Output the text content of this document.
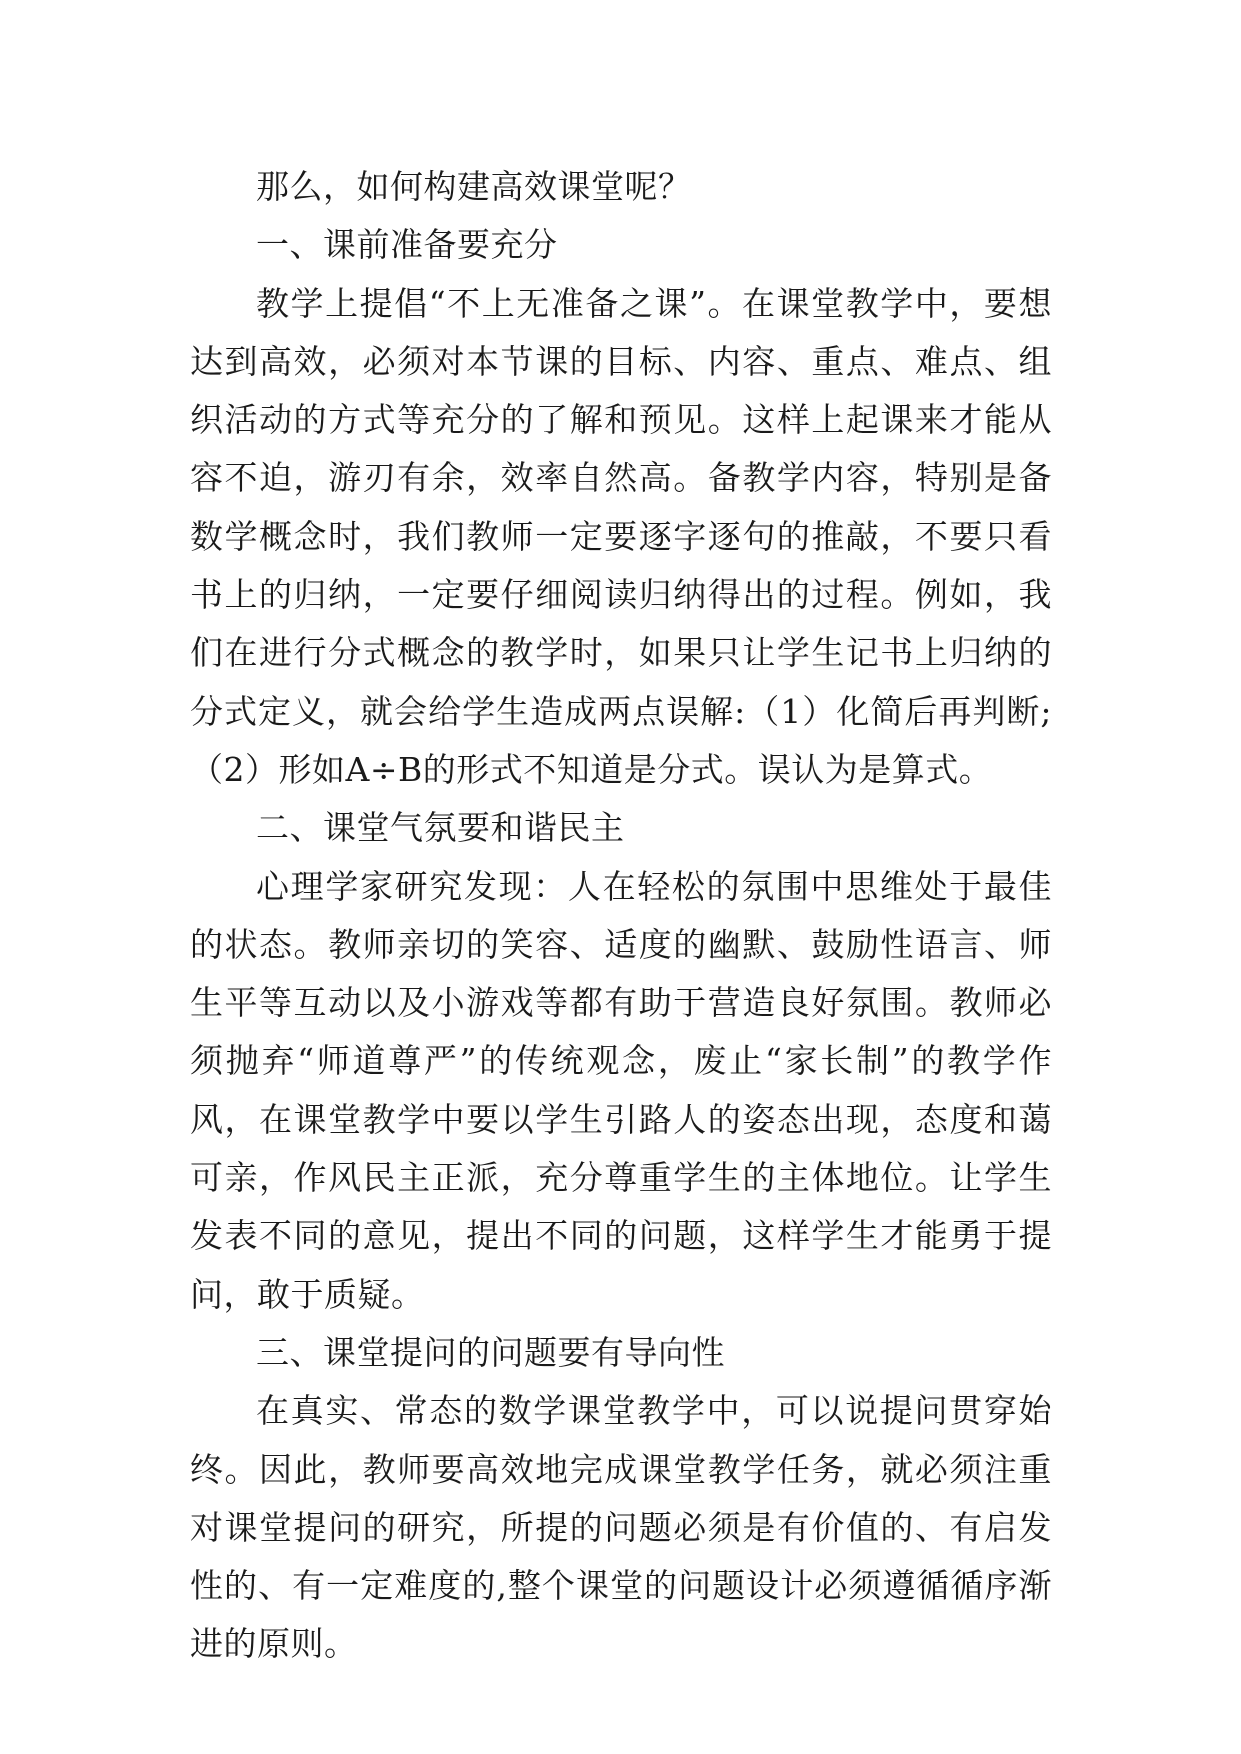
那么，如何构建高效课堂呢？

一、课前准备要充分

教学上提倡“不上无准备之课”。在课堂教学中，要想达到高效，必须对本节课的目标、内容、重点、难点、组织活动的方式等充分的了解和预见。这样上起课来才能从容不迫，游刃有余，效率自然高。备教学内容，特别是备数学概念时，我们教师一定要逐字逐句的推敲，不要只看书上的归纳，一定要仔细阅读归纳得出的过程。例如，我们在进行分式概念的教学时，如果只让学生记书上归纳的分式定义，就会给学生造成两点误解:（1）化简后再判断;（2）形如A÷B的形式不知道是分式。误认为是算式。

二、课堂气氛要和谐民主

心理学家研究发现：人在轻松的氛围中思维处于最佳的状态。教师亲切的笑容、适度的幽默、鼓励性语言、师生平等互动以及小游戏等都有助于营造良好氛围。教师必须抛弃“师道尊严”的传统观念，废止“家长制”的教学作风，在课堂教学中要以学生引路人的姿态出现，态度和蔼可亲，作风民主正派，充分尊重学生的主体地位。让学生发表不同的意见，提出不同的问题，这样学生才能勇于提问，敢于质疑。

三、课堂提问的问题要有导向性

在真实、常态的数学课堂教学中，可以说提问贯穿始终。因此，教师要高效地完成课堂教学任务，就必须注重对课堂提问的研究，所提的问题必须是有价值的、有启发性的、有一定难度的,整个课堂的问题设计必须遵循循序渐进的原则。
